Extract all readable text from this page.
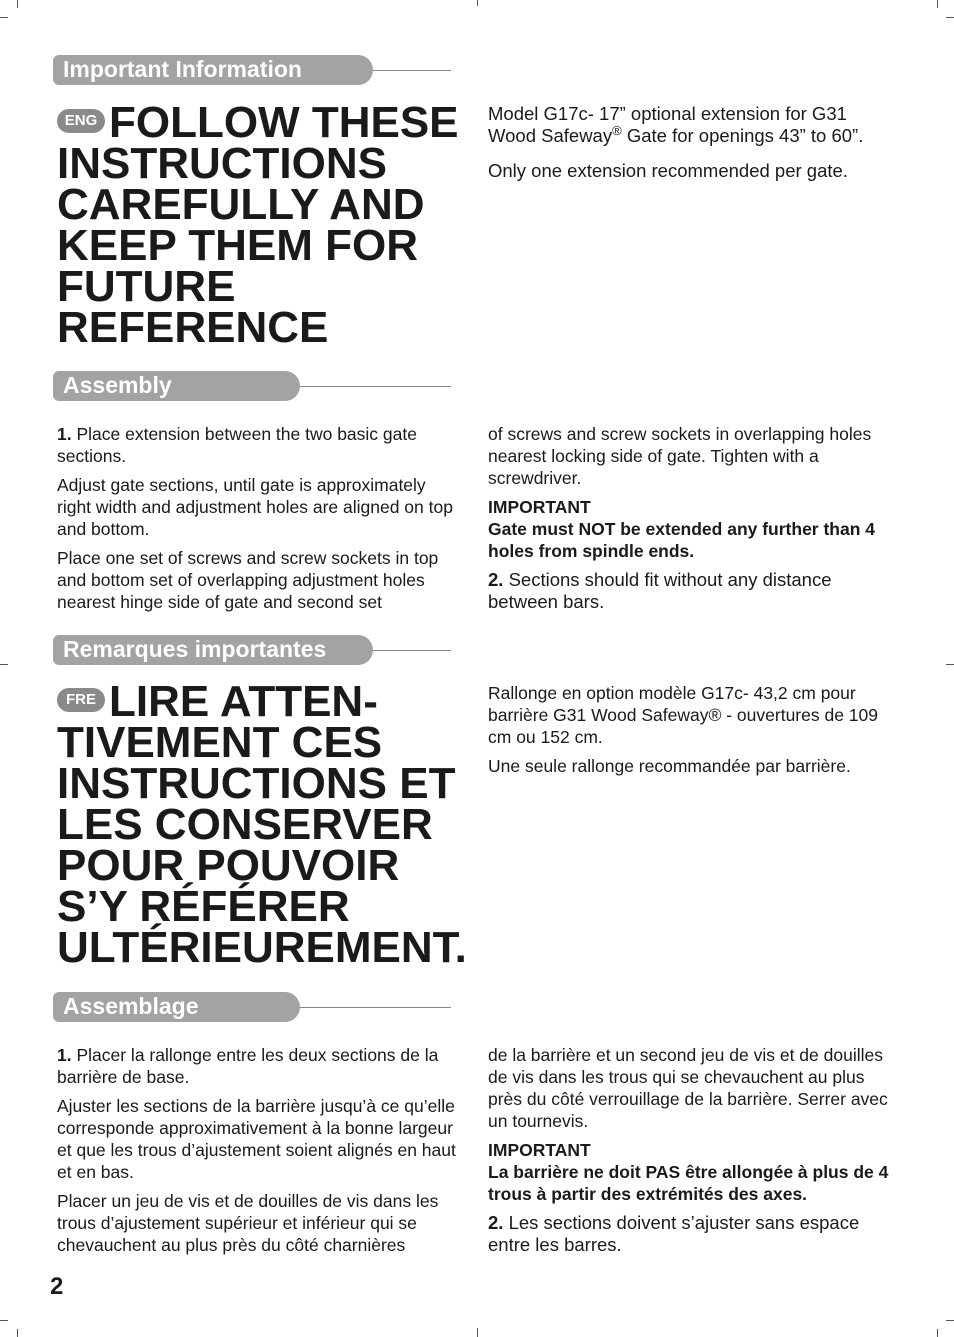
Important Information
ENG FOLLOW THESE
INSTRUCTIONS
CAREFULLY AND
KEEP THEM FOR
FUTURE
REFERENCE

Model G17c- 17” optional extension for G31 Wood Safeway® Gate for openings 43” to 60”.

Only one extension recommended per gate.

Assembly

1. Place extension between the two basic gate sections.

Adjust gate sections, until gate is approximately right width and adjustment holes are aligned on top and bottom.

Place one set of screws and screw sockets in top and bottom set of overlapping adjustment holes nearest hinge side of gate and second set

of screws and screw sockets in overlapping holes nearest locking side of gate. Tighten with a screwdriver.

IMPORTANT

Gate must NOT be extended any further than 4 holes from spindle ends.

2. Sections should fit without any distance between bars.

Remarques importantes
FRE LIRE ATTEN-
TIVEMENT CES
INSTRUCTIONS ET
LES CONSERVER
POUR POUVOIR
S’Y RÉFÉRER
ULTÉRIEUREMENT.

Rallonge en option modèle G17c- 43,2 cm pour barrière G31 Wood Safeway® - ouvertures de 109 cm ou 152 cm.

Une seule rallonge recommandée par barrière.

Assemblage

1. Placer la rallonge entre les deux sections de la barrière de base.

Ajuster les sections de la barrière jusqu’à ce qu’elle corresponde approximativement à la bonne largeur et que les trous d’ajustement soient alignés en haut et en bas.

Placer un jeu de vis et de douilles de vis dans les trous d’ajustement supérieur et inférieur qui se chevauchent au plus près du côté charnières

de la barrière et un second jeu de vis et de douilles de vis dans les trous qui se chevauchent au plus près du côté verrouillage de la barrière. Serrer avec un tournevis.

IMPORTANT

La barrière ne doit PAS être allongée à plus de 4 trous à partir des extrémités des axes.

2. Les sections doivent s’ajuster sans espace entre les barres.

2
